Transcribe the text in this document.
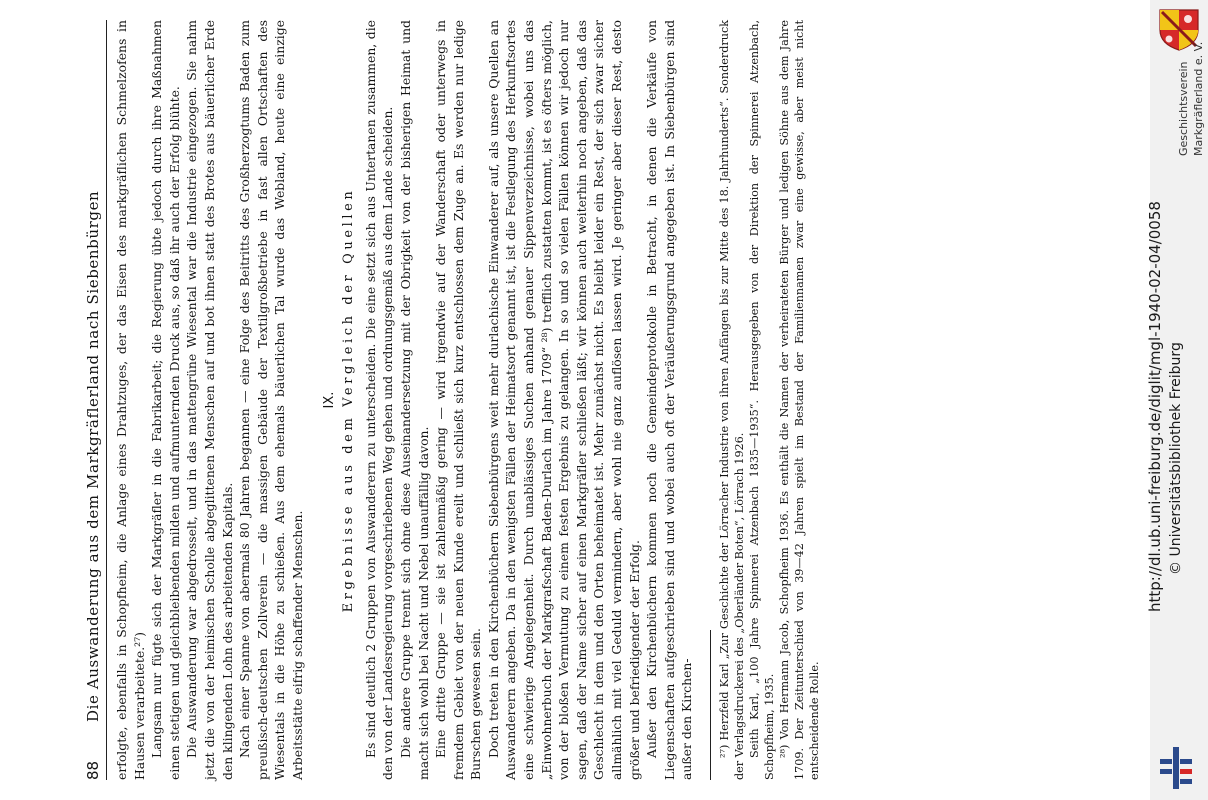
88
Die Auswanderung aus dem Markgräflerland nach Siebenbürgen erfolgte, ebenfalls in Schopfheim, die Anlage eines Drahtzuges, der das Eisen des markgräflichen Schmelzofens in Hausen verarbeitete.²⁷) Langsam nur fügte sich der Markgräfler in die Fabrikarbeit; die Regierung übte jedoch durch ihre Maßnahmen einen stetigen und gleichbleibenden milden und aufmunternden Druck aus, so daß ihr auch der Erfolg blühte. Die Auswanderung war abgedrosselt, und in das mattengrüne Wiesental war die Industrie eingezogen. Sie nahm jetzt die von der heimischen Scholle abgeglittenen Menschen auf und bot ihnen statt des Brotes aus bäuerlicher Erde den klingenden Lohn des arbeitenden Kapitals. Nach einer Spanne von abermals 80 Jahren begannen — eine Folge des Beitritts des Großherzogtums Baden zum preußisch-deutschen Zollverein — die massigen Gebäude der Textilgroßbetriebe in fast allen Ortschaften des Wiesentals in die Höhe zu schießen. Aus dem ehemals bäuerlichen Tal wurde das Webland, heute eine einzige Arbeitsstätte eifrig schaffender Menschen.

IX. Ergebnisse aus dem Vergleich der Quellen Es sind deutlich 2 Gruppen von Auswanderern zu unterscheiden. Die eine setzt sich aus Untertanen zusammen, die den von der Landesregierung vorgeschriebenen Weg gehen und ordnungsgemäß aus dem Lande scheiden. Die andere Gruppe trennt sich ohne diese Auseinandersetzung mit der Obrigkeit von der bisherigen Heimat und macht sich wohl bei Nacht und Nebel unauffällig davon. Eine dritte Gruppe — sie ist zahlenmäßig gering — wird irgendwie auf der Wanderschaft oder unterwegs in fremdem Gebiet von der neuen Kunde ereilt und schließt sich kurz entschlossen dem Zuge an. Es werden nur ledige Burschen gewesen sein. Doch treten in den Kirchenbüchern Siebenbürgens weit mehr durlachische Einwanderer auf, als unsere Quellen an Auswanderern angeben. Da in den wenigsten Fällen der Heimatsort genannt ist, ist die Festlegung des Herkunftsortes eine schwierige Angelegenheit. Durch unablässiges Suchen anhand genauer Sippenverzeichnisse, wobei uns das „Einwohnerbuch der Markgrafschaft Baden-Durlach im Jahre 1709“ ²⁸) trefflich zustatten kommt, ist es öfters möglich, von der bloßen Vermutung zu einem festen Ergebnis zu gelangen. In so und so vielen Fällen können wir jedoch nur sagen, daß der Name sicher auf einen Markgräfler schließen läßt; wir können auch weiterhin noch angeben, daß das Geschlecht in dem und den Orten beheimatet ist. Mehr zunächst nicht. Es bleibt leider ein Rest, der sich zwar sicher allmählich mit viel Geduld vermindern, aber wohl nie ganz auflösen lassen wird. Je geringer aber dieser Rest, desto größer und befriedigender der Erfolg. Außer den Kirchenbüchern kommen noch die Gemeindeprotokolle in Betracht, in denen die Verkäufe von Liegenschaften aufgeschrieben sind und wobei auch oft der Veräußerungsgrund angegeben ist. In Siebenbürgen sind außer den Kirchen- ²⁷) Herzfeld Karl „Zur Geschichte der Lörracher Industrie von ihren Anfängen bis zur Mitte des 18. Jahrhunderts“. Sonderdruck der Verlagsdruckerei des „Oberländer Boten“, Lörrach 1926. Seith Karl, „100 Jahre Spinnerei Atzenbach 1835—1935“. Herausgegeben von der Direktion der Spinnerei Atzenbach, Schopfheim, 1935. ²⁸) Von Hermann Jacob, Schopfheim 1936. Es enthält die Namen der verheirateten Bürger und ledigen Söhne aus dem Jahre 1709. Der Zeitunterschied von 39—42 Jahren spielt im Bestand der Familiennamen zwar eine gewisse, aber meist nicht entscheidende Rolle.

Geschichtsverein Markgräflerland e. V.
http://dl.ub.uni-freiburg.de/diglit/mgl-1940-02-04/0058 © Universitätsbibliothek Freiburg
